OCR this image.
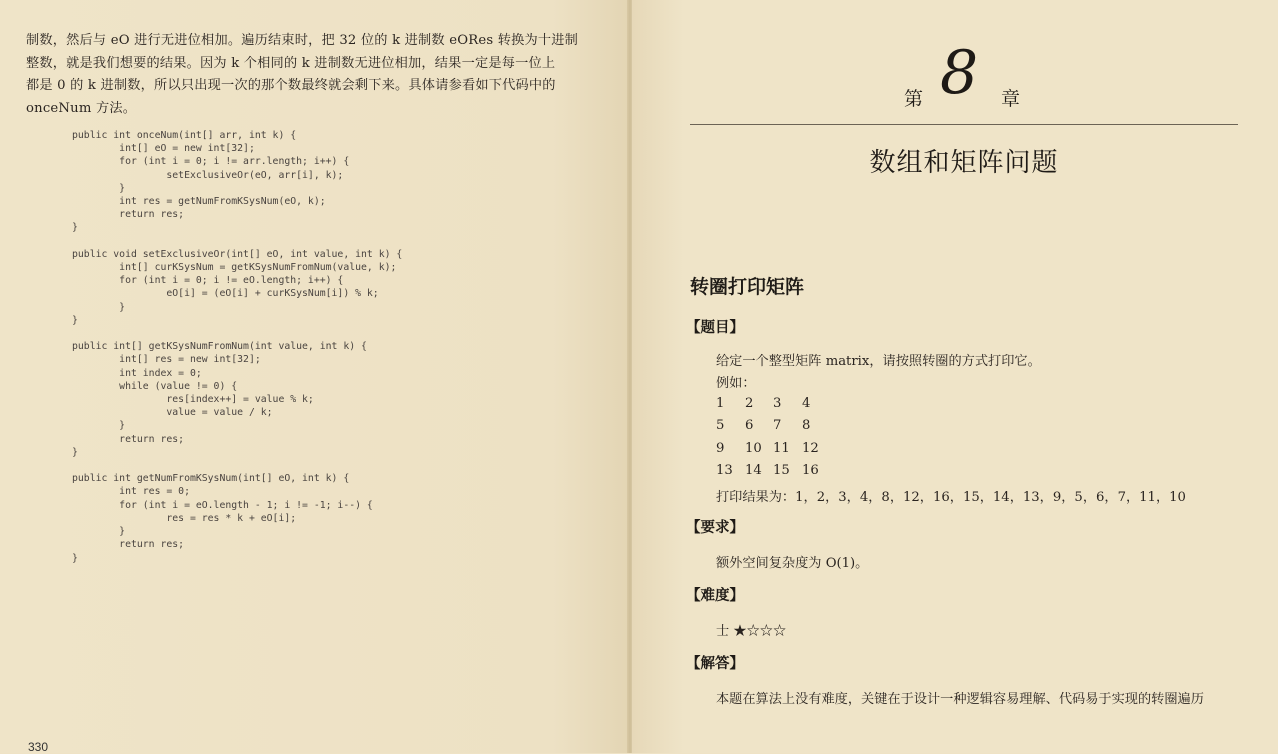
制数，然后与 eO 进行无进位相加。遍历结束时，把 32 位的 k 进制数 eORes 转换为十进制
整数，就是我们想要的结果。因为 k 个相同的 k 进制数无进位相加，结果一定是每一位上
都是 0 的 k 进制数，所以只出现一次的那个数最终就会剩下来。具体请参看如下代码中的
onceNum 方法。
public int onceNum(int[] arr, int k) {
int[] eO = new int[32];
for (int i = 0; i != arr.length; i++) {
setExclusiveOr(eO, arr[i], k);
}
int res = getNumFromKSysNum(eO, k);
return res;
}

public void setExclusiveOr(int[] eO, int value, int k) {
int[] curKSysNum = getKSysNumFromNum(value, k);
for (int i = 0; i != eO.length; i++) {
eO[i] = (eO[i] + curKSysNum[i]) % k;
}
}

public int[] getKSysNumFromNum(int value, int k) {
int[] res = new int[32];
int index = 0;
while (value != 0) {
res[index++] = value % k;
value = value / k;
}
return res;
}

public int getNumFromKSysNum(int[] eO, int k) {
int res = 0;
for (int i = eO.length - 1; i != -1; i--) {
res = res * k + eO[i];
}
return res;
}
330
第 8 章
数组和矩阵问题
转圈打印矩阵
【题目】
给定一个整型矩阵 matrix，请按照转圈的方式打印它。
例如：
1 2 3 4
5 6 7 8
9 10 11 12
13 14 15 16
打印结果为：1，2，3，4，8，12，16，15，14，13，9，5，6，7，11，10
【要求】
额外空间复杂度为 O(1)。
【难度】
士 ★☆☆☆
【解答】
本题在算法上没有难度，关键在于设计一种逻辑容易理解、代码易于实现的转圈遍历
